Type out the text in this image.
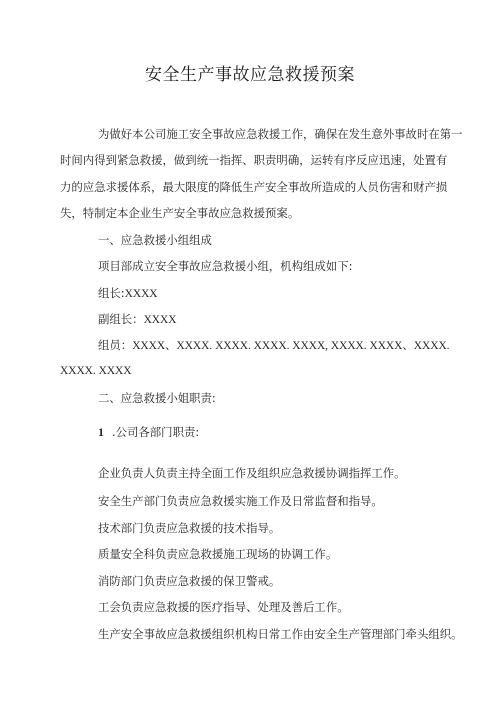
安全生产事故应急救援预案
为做好本公司施工安全事故应急救援工作，确保在发生意外事故时在第一
时间内得到紧急救援，做到统一指挥、职责明确，运转有序反应迅速，处置有
力的应急求援体系，最大限度的降低生产安全事故所造成的人员伤害和财产损
失，特制定本企业生产安全事故应急救援预案。
一、应急救援小组组成
项目部成立安全事故应急救援小组，机构组成如下:
组长:XXXX
副组长：XXXX
组员：XXXX、XXXX. XXXX. XXXX. XXXX, XXXX. XXXX、XXXX.
XXXX. XXXX
二、应急救援小姐职责:
1 .公司各部门职责:
企业负责人负责主持全面工作及组织应急救援协调指挥工作。
安全生产部门负责应急救援实施工作及日常监督和指导。
技术部门负责应急救援的技术指导。
质量安全科负责应急救援施工现场的协调工作。
消防部门负责应急救援的保卫警戒。
工会负责应急救援的医疗指导、处理及善后工作。
生产安全事故应急救援组织机构日常工作由安全生产管理部门牵头组织。
